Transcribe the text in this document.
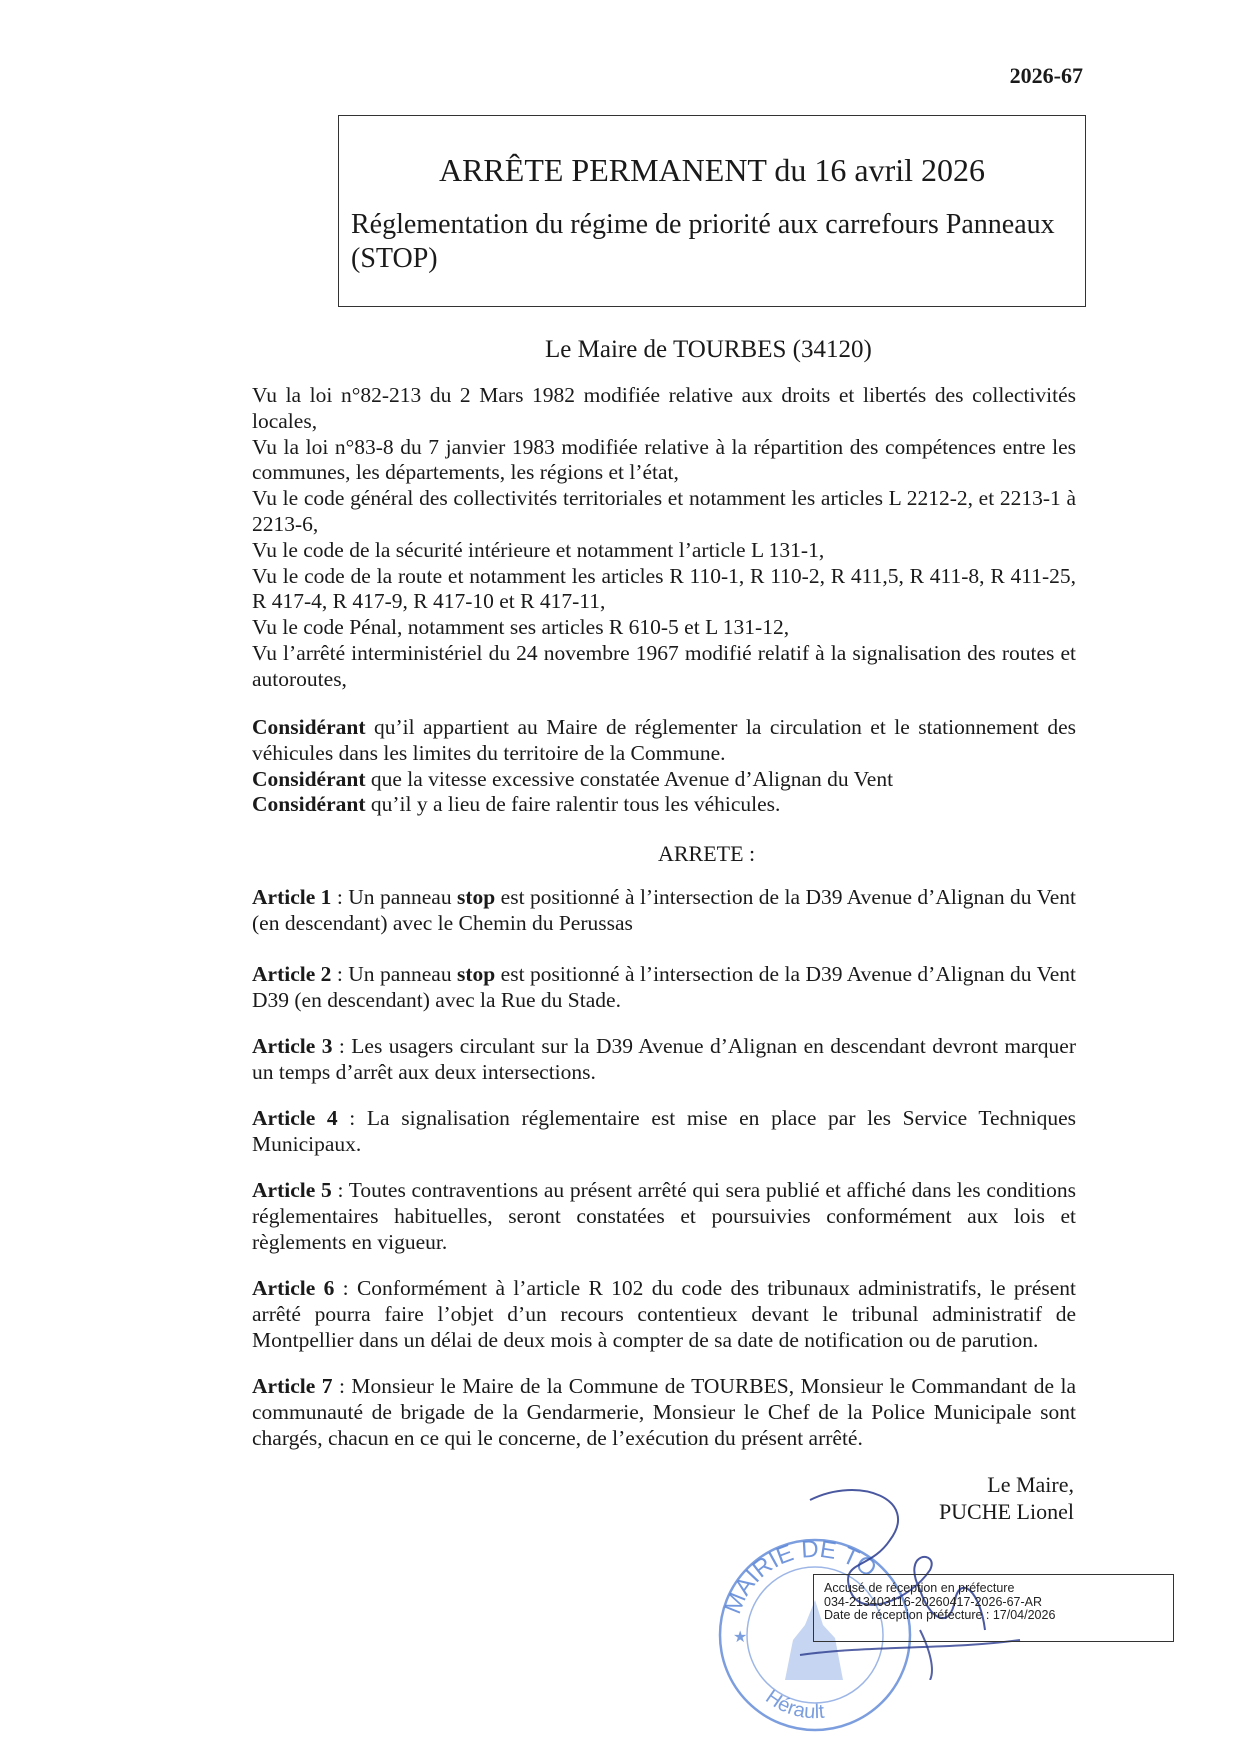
2026-67
ARRÊTE PERMANENT du 16 avril 2026
Réglementation du régime de priorité aux carrefours Panneaux (STOP)
Le Maire de TOURBES (34120)

Vu la loi n°82-213 du 2 Mars 1982 modifiée relative aux droits et libertés des collectivités locales,

Vu la loi n°83-8 du 7 janvier 1983 modifiée relative à la répartition des compétences entre les communes, les départements, les régions et l’état,

Vu le code général des collectivités territoriales et notamment les articles L 2212-2, et 2213-1 à 2213-6,

Vu le code de la sécurité intérieure et notamment l’article L 131-1,

Vu le code de la route et notamment les articles R 110-1, R 110-2, R 411,5, R 411-8, R 411-25, R 417-4, R 417-9, R 417-10 et R 417-11,

Vu le code Pénal, notamment ses articles R 610-5 et L 131-12,

Vu l’arrêté interministériel du 24 novembre 1967 modifié relatif à la signalisation des routes et autoroutes,

Considérant qu’il appartient au Maire de réglementer la circulation et le stationnement des véhicules dans les limites du territoire de la Commune.

Considérant que la vitesse excessive constatée Avenue d’Alignan du Vent

Considérant qu’il y a lieu de faire ralentir tous les véhicules.

ARRETE :

Article 1 : Un panneau stop est positionné à l’intersection de la D39 Avenue d’Alignan du Vent (en descendant) avec le Chemin du Perussas

Article 2 : Un panneau stop est positionné à l’intersection de la D39 Avenue d’Alignan du Vent D39 (en descendant) avec la Rue du Stade.

Article 3 : Les usagers circulant sur la D39 Avenue d’Alignan en descendant devront marquer un temps d’arrêt aux deux intersections.

Article 4 : La signalisation réglementaire est mise en place par les Service Techniques Municipaux.

Article 5 : Toutes contraventions au présent arrêté qui sera publié et affiché dans les conditions réglementaires habituelles, seront constatées et poursuivies conformément aux lois et règlements en vigueur.

Article 6 : Conformément à l’article R 102 du code des tribunaux administratifs, le présent arrêté pourra faire l’objet d’un recours contentieux devant le tribunal administratif de Montpellier dans un délai de deux mois à compter de sa date de notification ou de parution.

Article 7 : Monsieur le Maire de la Commune de TOURBES, Monsieur le Commandant de la communauté de brigade de la Gendarmerie, Monsieur le Chef de la Police Municipale sont chargés, chacun en ce qui le concerne, de l’exécution du présent arrêté.

Le Maire,
PUCHE Lionel
MAIRIE DE TO
Hérault
★
Accusé de réception en préfecture
034-213403116-20260417-2026-67-AR
Date de réception préfecture : 17/04/2026
